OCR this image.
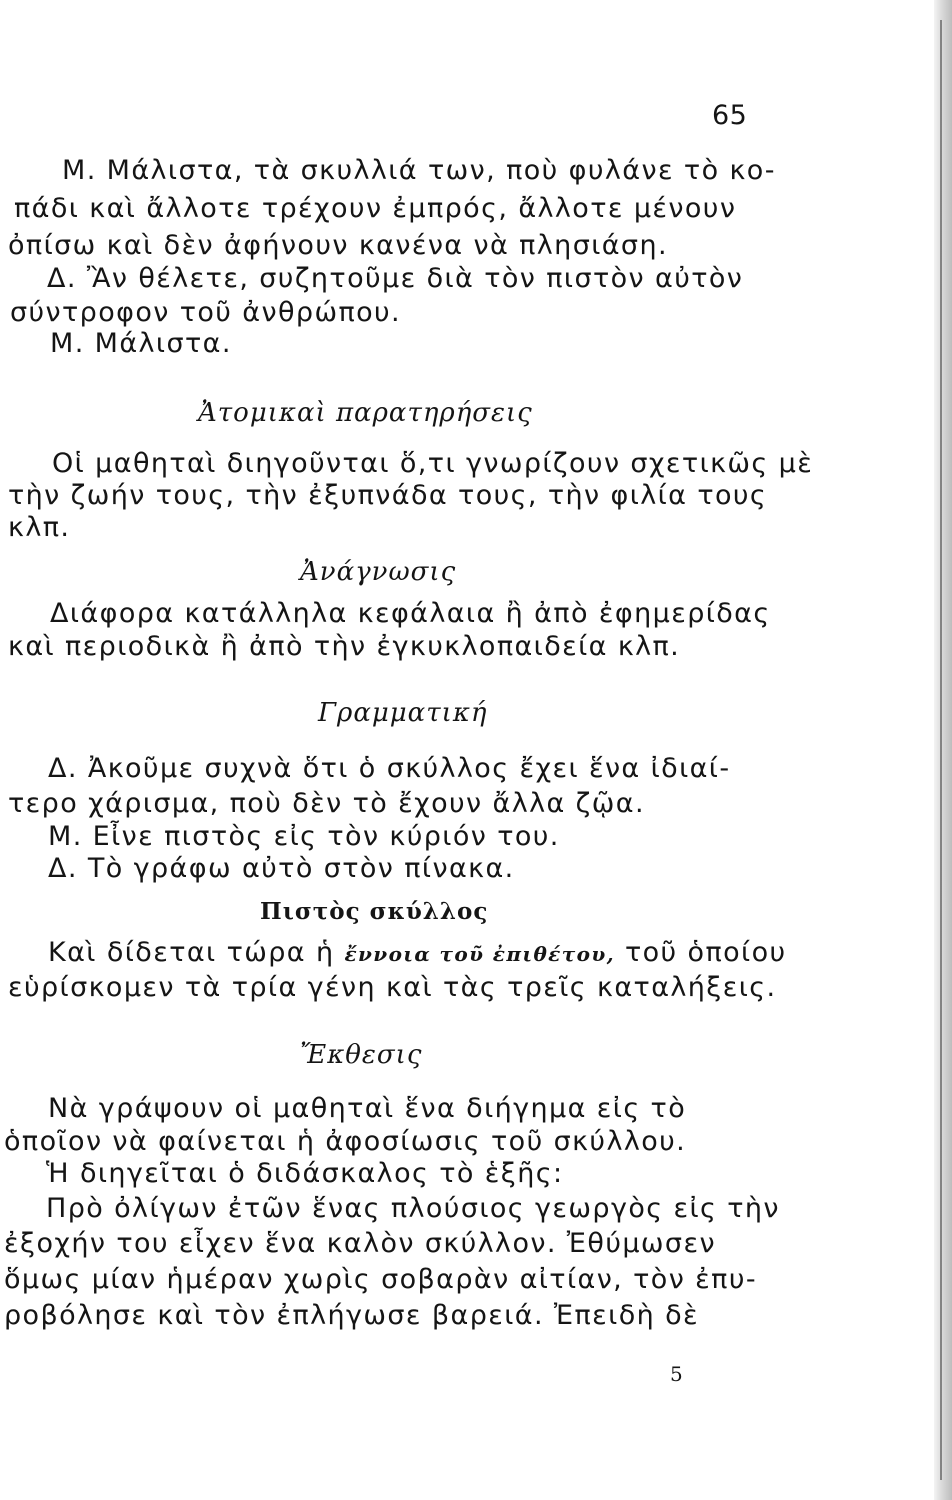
65
Μ. Μάλιστα, τὰ σκυλλιά των, ποὺ φυλάνε τὸ κο-
πάδι καὶ ἄλλοτε τρέχουν ἐμπρός, ἄλλοτε μένουν
ὀπίσω καὶ δὲν ἀφήνουν κανένα νὰ πλησιάση.
Δ. Ἂν θέλετε, συζητοῦμε διὰ τὸν πιστὸν αὐτὸν
σύντροφον τοῦ ἀνθρώπου.
Μ. Μάλιστα.
Ἀτομικαὶ παρατηρήσεις
Οἱ μαθηταὶ διηγοῦνται ὅ,τι γνωρίζουν σχετικῶς μὲ
τὴν ζωήν τους, τὴν ἐξυπνάδα τους, τὴν φιλία τους
κλπ.
Ἀνάγνωσις
Διάφορα κατάλληλα κεφάλαια ἢ ἀπὸ ἐφημερίδας
καὶ περιοδικὰ ἢ ἀπὸ τὴν ἐγκυκλοπαιδεία κλπ.
Γραμματική
Δ. Ἀκοῦμε συχνὰ ὅτι ὁ σκύλλος ἔχει ἕνα ἰδιαί-
τερο χάρισμα, ποὺ δὲν τὸ ἔχουν ἄλλα ζῷα.
Μ. Εἶνε πιστὸς εἰς τὸν κύριόν του.
Δ. Τὸ γράφω αὐτὸ στὸν πίνακα.
Πιστὸς σκύλλος
Καὶ δίδεται τώρα ἡ ἔννοια τοῦ ἐπιθέτου, τοῦ ὁποίου
εὑρίσκομεν τὰ τρία γένη καὶ τὰς τρεῖς καταλήξεις.
Ἔκθεσις
Νὰ γράψουν οἱ μαθηταὶ ἕνα διήγημα εἰς τὸ
ὁποῖον νὰ φαίνεται ἡ ἀφοσίωσις τοῦ σκύλλου.
Ἡ διηγεῖται ὁ διδάσκαλος τὸ ἑξῆς:
Πρὸ ὀλίγων ἐτῶν ἕνας πλούσιος γεωργὸς εἰς τὴν
ἐξοχήν του εἶχεν ἕνα καλὸν σκύλλον. Ἐθύμωσεν
ὅμως μίαν ἡμέραν χωρὶς σοβαρὰν αἰτίαν, τὸν ἐπυ-
ροβόλησε καὶ τὸν ἐπλήγωσε βαρειά. Ἐπειδὴ δὲ
5
